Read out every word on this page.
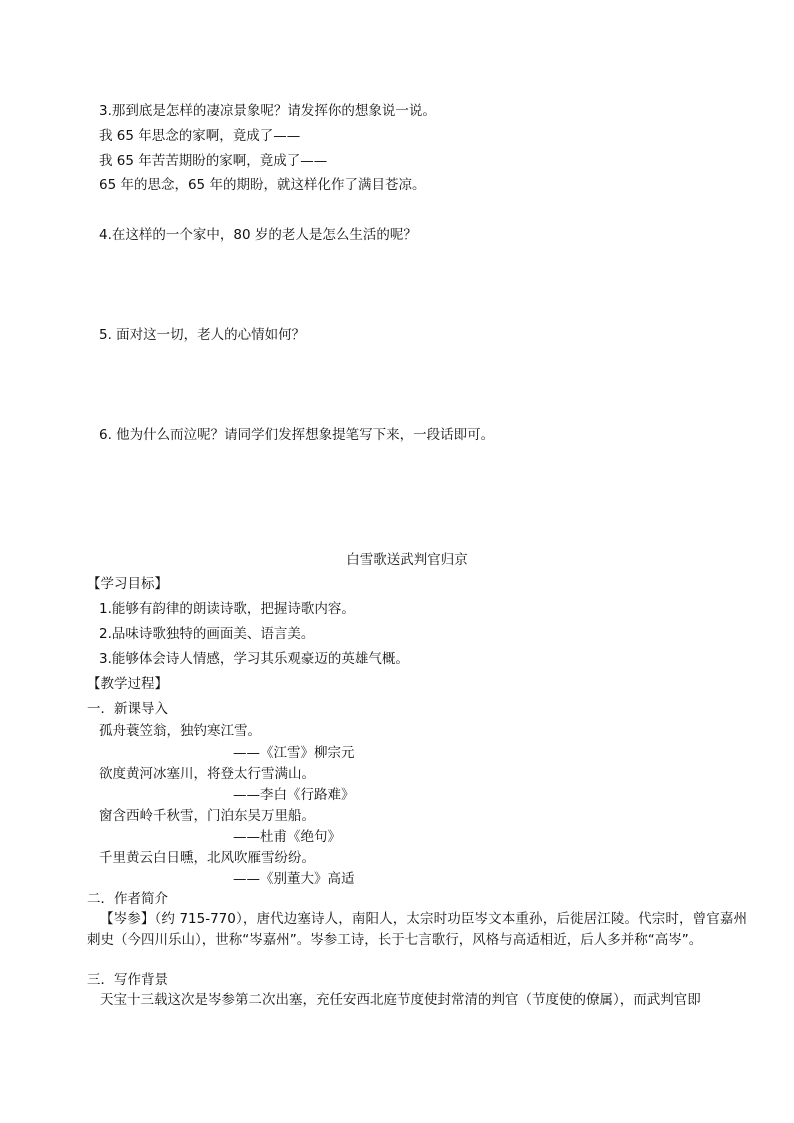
3.那到底是怎样的凄凉景象呢？请发挥你的想象说一说。
我 65 年思念的家啊，竟成了——
我 65 年苦苦期盼的家啊，竟成了——
65 年的思念，65 年的期盼，就这样化作了满目苍凉。
4.在这样的一个家中，80 岁的老人是怎么生活的呢？
5. 面对这一切，老人的心情如何？
6. 他为什么而泣呢？请同学们发挥想象提笔写下来，一段话即可。
白雪歌送武判官归京
【学习目标】
1.能够有韵律的朗读诗歌，把握诗歌内容。
2.品味诗歌独特的画面美、语言美。
3.能够体会诗人情感，学习其乐观豪迈的英雄气概。
【教学过程】
一．新课导入
孤舟蓑笠翁，独钓寒江雪。
——《江雪》柳宗元
欲度黄河冰塞川，将登太行雪满山。
——李白《行路难》
窗含西岭千秋雪，门泊东吴万里船。
——杜甫《绝句》
千里黄云白日曛，北风吹雁雪纷纷。
——《别董大》高适
二．作者简介
【岑参】（约 715-770），唐代边塞诗人，南阳人，太宗时功臣岑文本重孙，后徙居江陵。代宗时，曾官嘉州刺史（今四川乐山），世称“岑嘉州”。岑参工诗，长于七言歌行，风格与高适相近，后人多并称“高岑”。
三．写作背景
天宝十三载这次是岑参第二次出塞，充任安西北庭节度使封常清的判官（节度使的僚属），而武判官即
